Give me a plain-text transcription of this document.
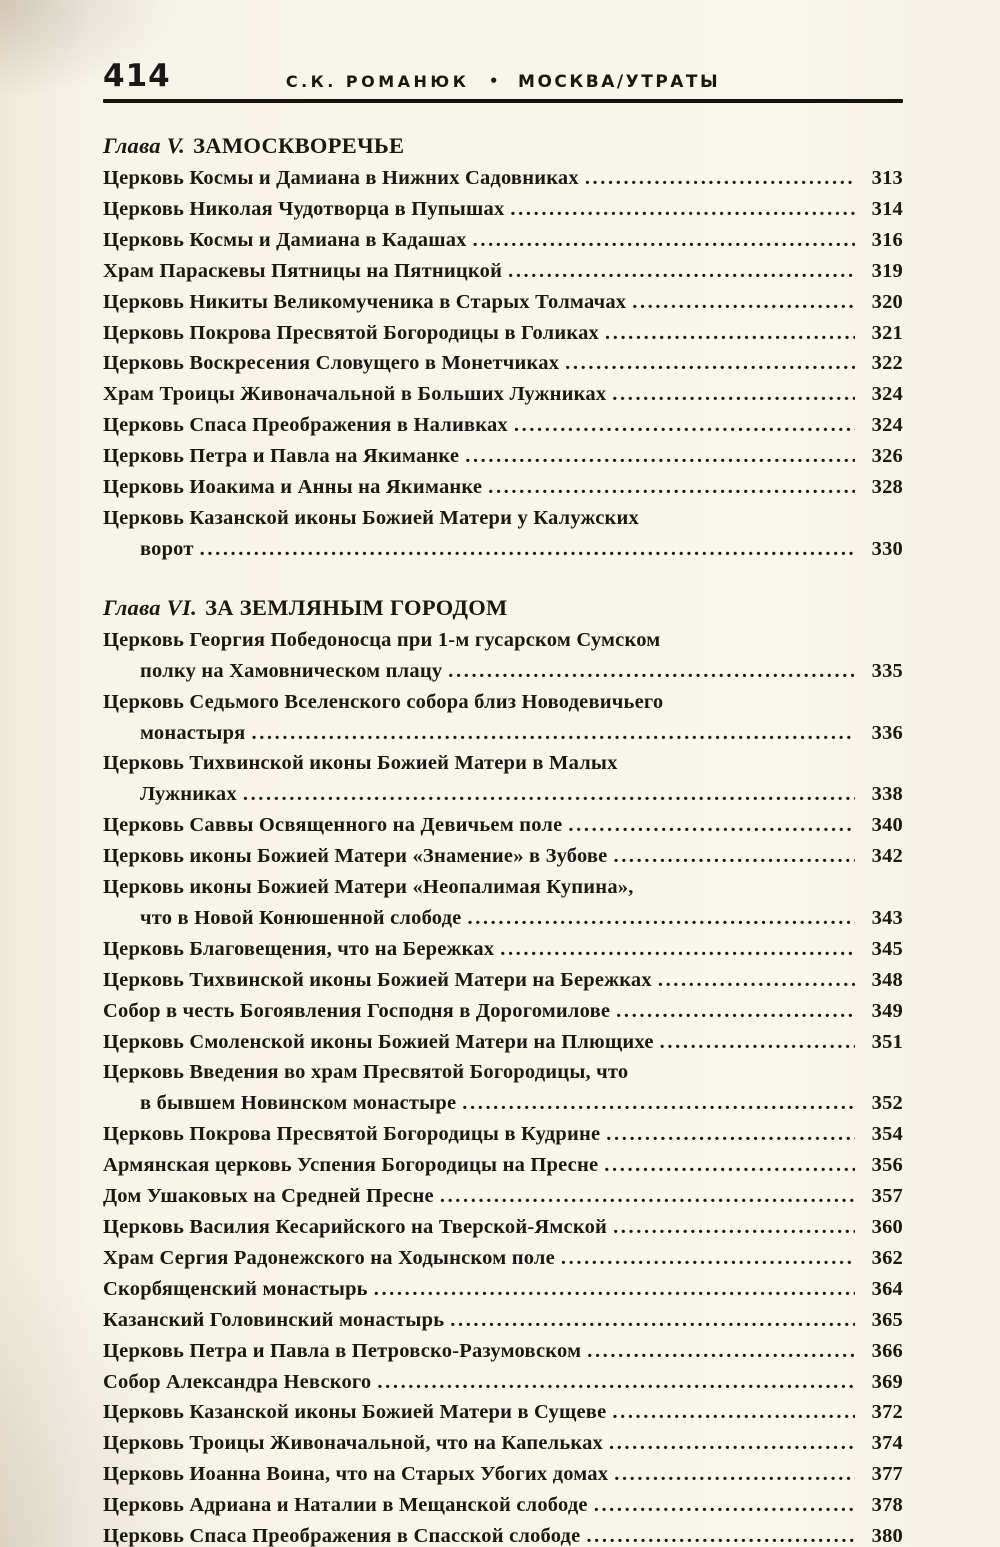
414	С.К. РОМАНЮК • МОСКВА/УТРАТЫ
Глава V. ЗАМОСКВОРЕЧЬЕ
Церковь Космы и Дамиана в Нижних Садовниках .....	313
Церковь Николая Чудотворца в Пупышах .....	314
Церковь Космы и Дамиана в Кадашах .....	316
Храм Параскевы Пятницы на Пятницкой .....	319
Церковь Никиты Великомученика в Старых Толмачах .....	320
Церковь Покрова Пресвятой Богородицы в Голиках .....	321
Церковь Воскресения Словущего в Монетчиках .....	322
Храм Троицы Живоначальной в Больших Лужниках .....	324
Церковь Спаса Преображения в Наливках .....	324
Церковь Петра и Павла на Якиманке .....	326
Церковь Иоакима и Анны на Якиманке .....	328
Церковь Казанской иконы Божией Матери у Калужских
ворот .....	330
Глава VI. ЗА ЗЕМЛЯНЫМ ГОРОДОМ
Церковь Георгия Победоносца при 1-м гусарском Сумском
полку на Хамовническом плацу .....	335
Церковь Седьмого Вселенского собора близ Новодевичьего
монастыря .....	336
Церковь Тихвинской иконы Божией Матери в Малых
Лужниках .....	338
Церковь Саввы Освященного на Девичьем поле .....	340
Церковь иконы Божией Матери «Знамение» в Зубове .....	342
Церковь иконы Божией Матери «Неопалимая Купина»,
что в Новой Конюшенной слободе .....	343
Церковь Благовещения, что на Бережках .....	345
Церковь Тихвинской иконы Божией Матери на Бережках .....	348
Собор в честь Богоявления Господня в Дорогомилове .....	349
Церковь Смоленской иконы Божией Матери на Плющихе .....	351
Церковь Введения во храм Пресвятой Богородицы, что
в бывшем Новинском монастыре .....	352
Церковь Покрова Пресвятой Богородицы в Кудрине .....	354
Армянская церковь Успения Богородицы на Пресне .....	356
Дом Ушаковых на Средней Пресне .....	357
Церковь Василия Кесарийского на Тверской-Ямской .....	360
Храм Сергия Радонежского на Ходынском поле .....	362
Скорбященский монастырь .....	364
Казанский Головинский монастырь .....	365
Церковь Петра и Павла в Петровско-Разумовском .....	366
Собор Александра Невского .....	369
Церковь Казанской иконы Божией Матери в Сущеве .....	372
Церковь Троицы Живоначальной, что на Капельках .....	374
Церковь Иоанна Воина, что на Старых Убогих домах .....	377
Церковь Адриана и Наталии в Мещанской слободе .....	378
Церковь Спаса Преображения в Спасской слободе .....	380
